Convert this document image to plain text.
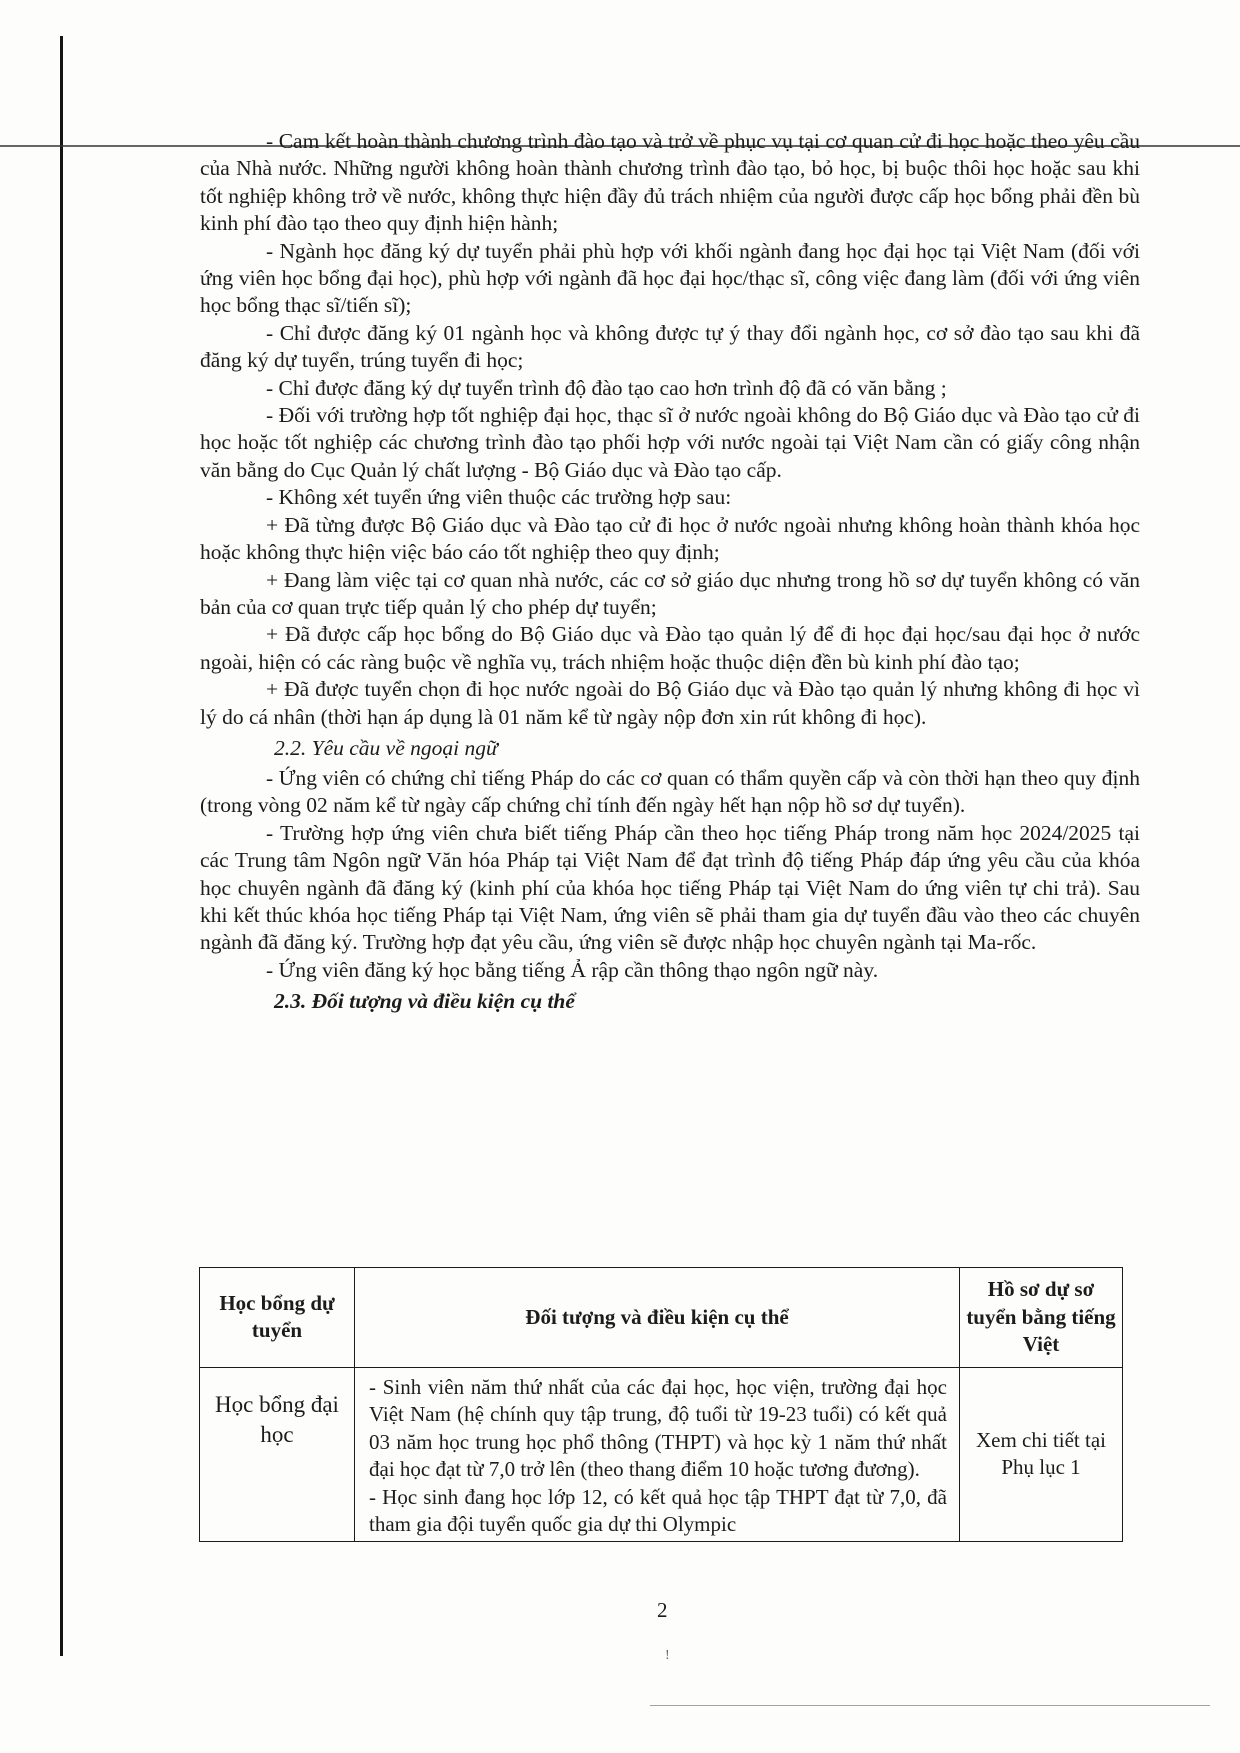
- Cam kết hoàn thành chương trình đào tạo và trở về phục vụ tại cơ quan cử đi học hoặc theo yêu cầu của Nhà nước. Những người không hoàn thành chương trình đào tạo, bỏ học, bị buộc thôi học hoặc sau khi tốt nghiệp không trở về nước, không thực hiện đầy đủ trách nhiệm của người được cấp học bổng phải đền bù kinh phí đào tạo theo quy định hiện hành;

- Ngành học đăng ký dự tuyển phải phù hợp với khối ngành đang học đại học tại Việt Nam (đối với ứng viên học bổng đại học), phù hợp với ngành đã học đại học/thạc sĩ, công việc đang làm (đối với ứng viên học bổng thạc sĩ/tiến sĩ);

- Chỉ được đăng ký 01 ngành học và không được tự ý thay đổi ngành học, cơ sở đào tạo sau khi đã đăng ký dự tuyển, trúng tuyển đi học;

- Chỉ được đăng ký dự tuyển trình độ đào tạo cao hơn trình độ đã có văn bằng ;

- Đối với trường hợp tốt nghiệp đại học, thạc sĩ ở nước ngoài không do Bộ Giáo dục và Đào tạo cử đi học hoặc tốt nghiệp các chương trình đào tạo phối hợp với nước ngoài tại Việt Nam cần có giấy công nhận văn bằng do Cục Quản lý chất lượng - Bộ Giáo dục và Đào tạo cấp.

- Không xét tuyển ứng viên thuộc các trường hợp sau:

+ Đã từng được Bộ Giáo dục và Đào tạo cử đi học ở nước ngoài nhưng không hoàn thành khóa học hoặc không thực hiện việc báo cáo tốt nghiệp theo quy định;

+ Đang làm việc tại cơ quan nhà nước, các cơ sở giáo dục nhưng trong hồ sơ dự tuyển không có văn bản của cơ quan trực tiếp quản lý cho phép dự tuyển;

+ Đã được cấp học bổng do Bộ Giáo dục và Đào tạo quản lý để đi học đại học/sau đại học ở nước ngoài, hiện có các ràng buộc về nghĩa vụ, trách nhiệm hoặc thuộc diện đền bù kinh phí đào tạo;

+ Đã được tuyển chọn đi học nước ngoài do Bộ Giáo dục và Đào tạo quản lý nhưng không đi học vì lý do cá nhân (thời hạn áp dụng là 01 năm kể từ ngày nộp đơn xin rút không đi học).

2.2. Yêu cầu về ngoại ngữ

- Ứng viên có chứng chỉ tiếng Pháp do các cơ quan có thẩm quyền cấp và còn thời hạn theo quy định (trong vòng 02 năm kể từ ngày cấp chứng chỉ tính đến ngày hết hạn nộp hồ sơ dự tuyển).

- Trường hợp ứng viên chưa biết tiếng Pháp cần theo học tiếng Pháp trong năm học 2024/2025 tại các Trung tâm Ngôn ngữ Văn hóa Pháp tại Việt Nam để đạt trình độ tiếng Pháp đáp ứng yêu cầu của khóa học chuyên ngành đã đăng ký (kinh phí của khóa học tiếng Pháp tại Việt Nam do ứng viên tự chi trả). Sau khi kết thúc khóa học tiếng Pháp tại Việt Nam, ứng viên sẽ phải tham gia dự tuyển đầu vào theo các chuyên ngành đã đăng ký. Trường hợp đạt yêu cầu, ứng viên sẽ được nhập học chuyên ngành tại Ma-rốc.

- Ứng viên đăng ký học bằng tiếng Ả rập cần thông thạo ngôn ngữ này.

2.3. Đối tượng và điều kiện cụ thể

Học bổng dự tuyển	Đối tượng và điều kiện cụ thể	Hồ sơ dự sơ tuyển bằng tiếng Việt
Học bổng đại học	- Sinh viên năm thứ nhất của các đại học, học viện, trường đại học Việt Nam (hệ chính quy tập trung, độ tuổi từ 19-23 tuổi) có kết quả 03 năm học trung học phổ thông (THPT) và học kỳ 1 năm thứ nhất đại học đạt từ 7,0 trở lên (theo thang điểm 10 hoặc tương đương).

- Học sinh đang học lớp 12, có kết quả học tập THPT đạt từ 7,0, đã tham gia đội tuyển quốc gia dự thi Olympic	Xem chi tiết tại Phụ lục 1
2
!
